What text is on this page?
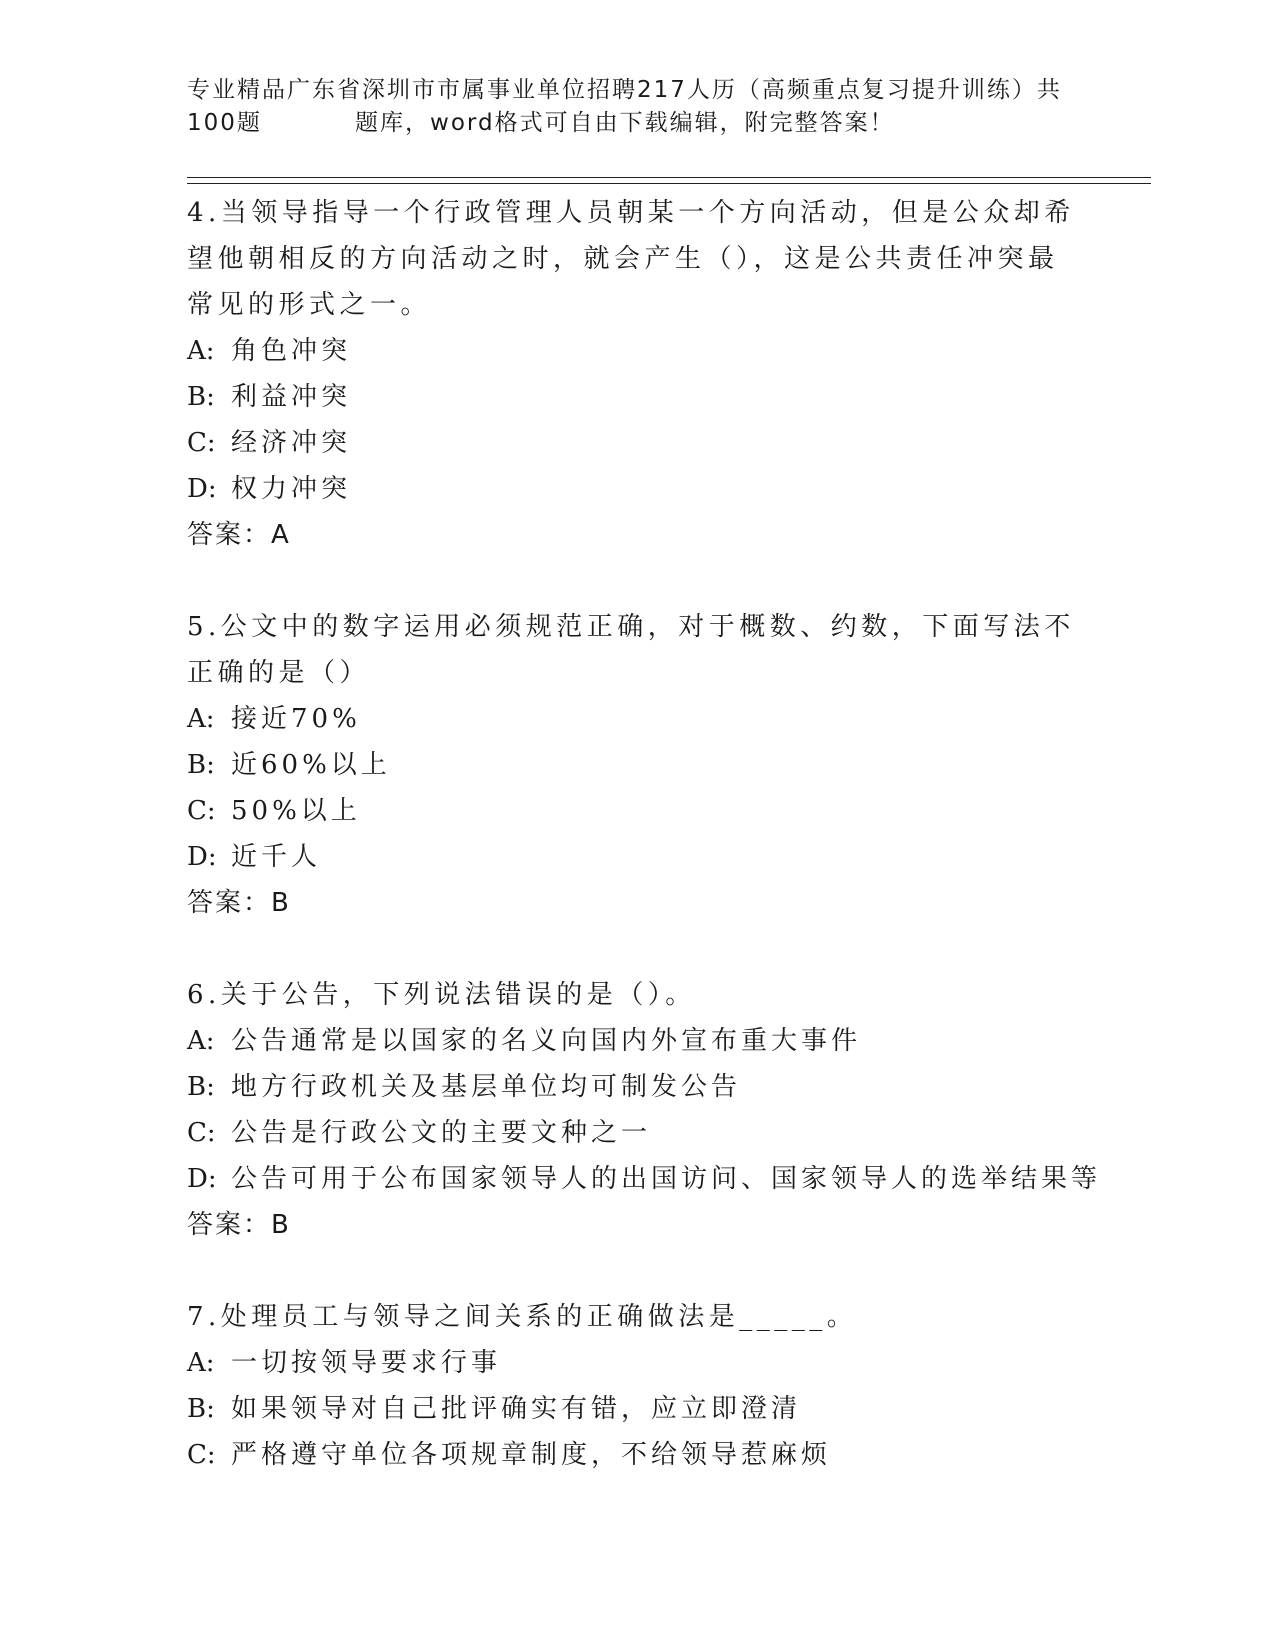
专业精品广东省深圳市市属事业单位招聘217人历（高频重点复习提升训练）共
100题	题库，word格式可自由下载编辑，附完整答案！

4.当领导指导一个行政管理人员朝某一个方向活动，但是公众却希望他朝相反的方向活动之时，就会产生（），这是公共责任冲突最常见的形式之一。

A: 角色冲突
B: 利益冲突
C: 经济冲突
D: 权力冲突
答案：A

5.公文中的数字运用必须规范正确，对于概数、约数，下面写法不正确的是（）

A: 接近70%
B: 近60%以上
C: 50%以上
D: 近千人
答案：B

6.关于公告，下列说法错误的是（）。

A: 公告通常是以国家的名义向国内外宣布重大事件
B: 地方行政机关及基层单位均可制发公告
C: 公告是行政公文的主要文种之一
D: 公告可用于公布国家领导人的出国访问、国家领导人的选举结果等
答案：B

7.处理员工与领导之间关系的正确做法是_____。

A: 一切按领导要求行事
B: 如果领导对自己批评确实有错，应立即澄清
C: 严格遵守单位各项规章制度，不给领导惹麻烦
